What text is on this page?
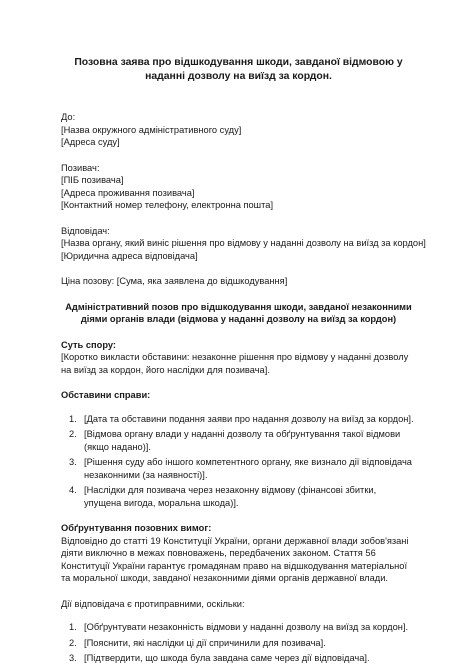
Позовна заява про відшкодування шкоди, завданої відмовою у наданні дозволу на виїзд за кордон.
До:
[Назва окружного адміністративного суду]
[Адреса суду]
Позивач:
[ПІБ позивача]
[Адреса проживання позивача]
[Контактний номер телефону, електронна пошта]
Відповідач:
[Назва органу, який виніс рішення про відмову у наданні дозволу на виїзд за кордон]
[Юридична адреса відповідача]
Ціна позову: [Сума, яка заявлена до відшкодування]
Адміністративний позов про відшкодування шкоди, завданої незаконними діями органів влади (відмова у наданні дозволу на виїзд за кордон)
Суть спору:

[Коротко викласти обставини: незаконне рішення про відмову у наданні дозволу на виїзд за кордон, його наслідки для позивача].

Обставини справи:
1. [Дата та обставини подання заяви про надання дозволу на виїзд за кордон].
2. [Відмова органу влади у наданні дозволу та обґрунтування такої відмови (якщо надано)].
3. [Рішення суду або іншого компетентного органу, яке визнало дії відповідача незаконними (за наявності)].
4. [Наслідки для позивача через незаконну відмову (фінансові збитки, упущена вигода, моральна шкода)].
Обґрунтування позовних вимог:

Відповідно до статті 19 Конституції України, органи державної влади зобов'язані діяти виключно в межах повноважень, передбачених законом. Стаття 56 Конституції України гарантує громадянам право на відшкодування матеріальної та моральної шкоди, завданої незаконними діями органів державної влади.

Дії відповідача є протиправними, оскільки:
1. [Обґрунтувати незаконність відмови у наданні дозволу на виїзд за кордон].
2. [Пояснити, які наслідки ці дії спричинили для позивача].
3. [Підтвердити, що шкода була завдана саме через дії відповідача].
